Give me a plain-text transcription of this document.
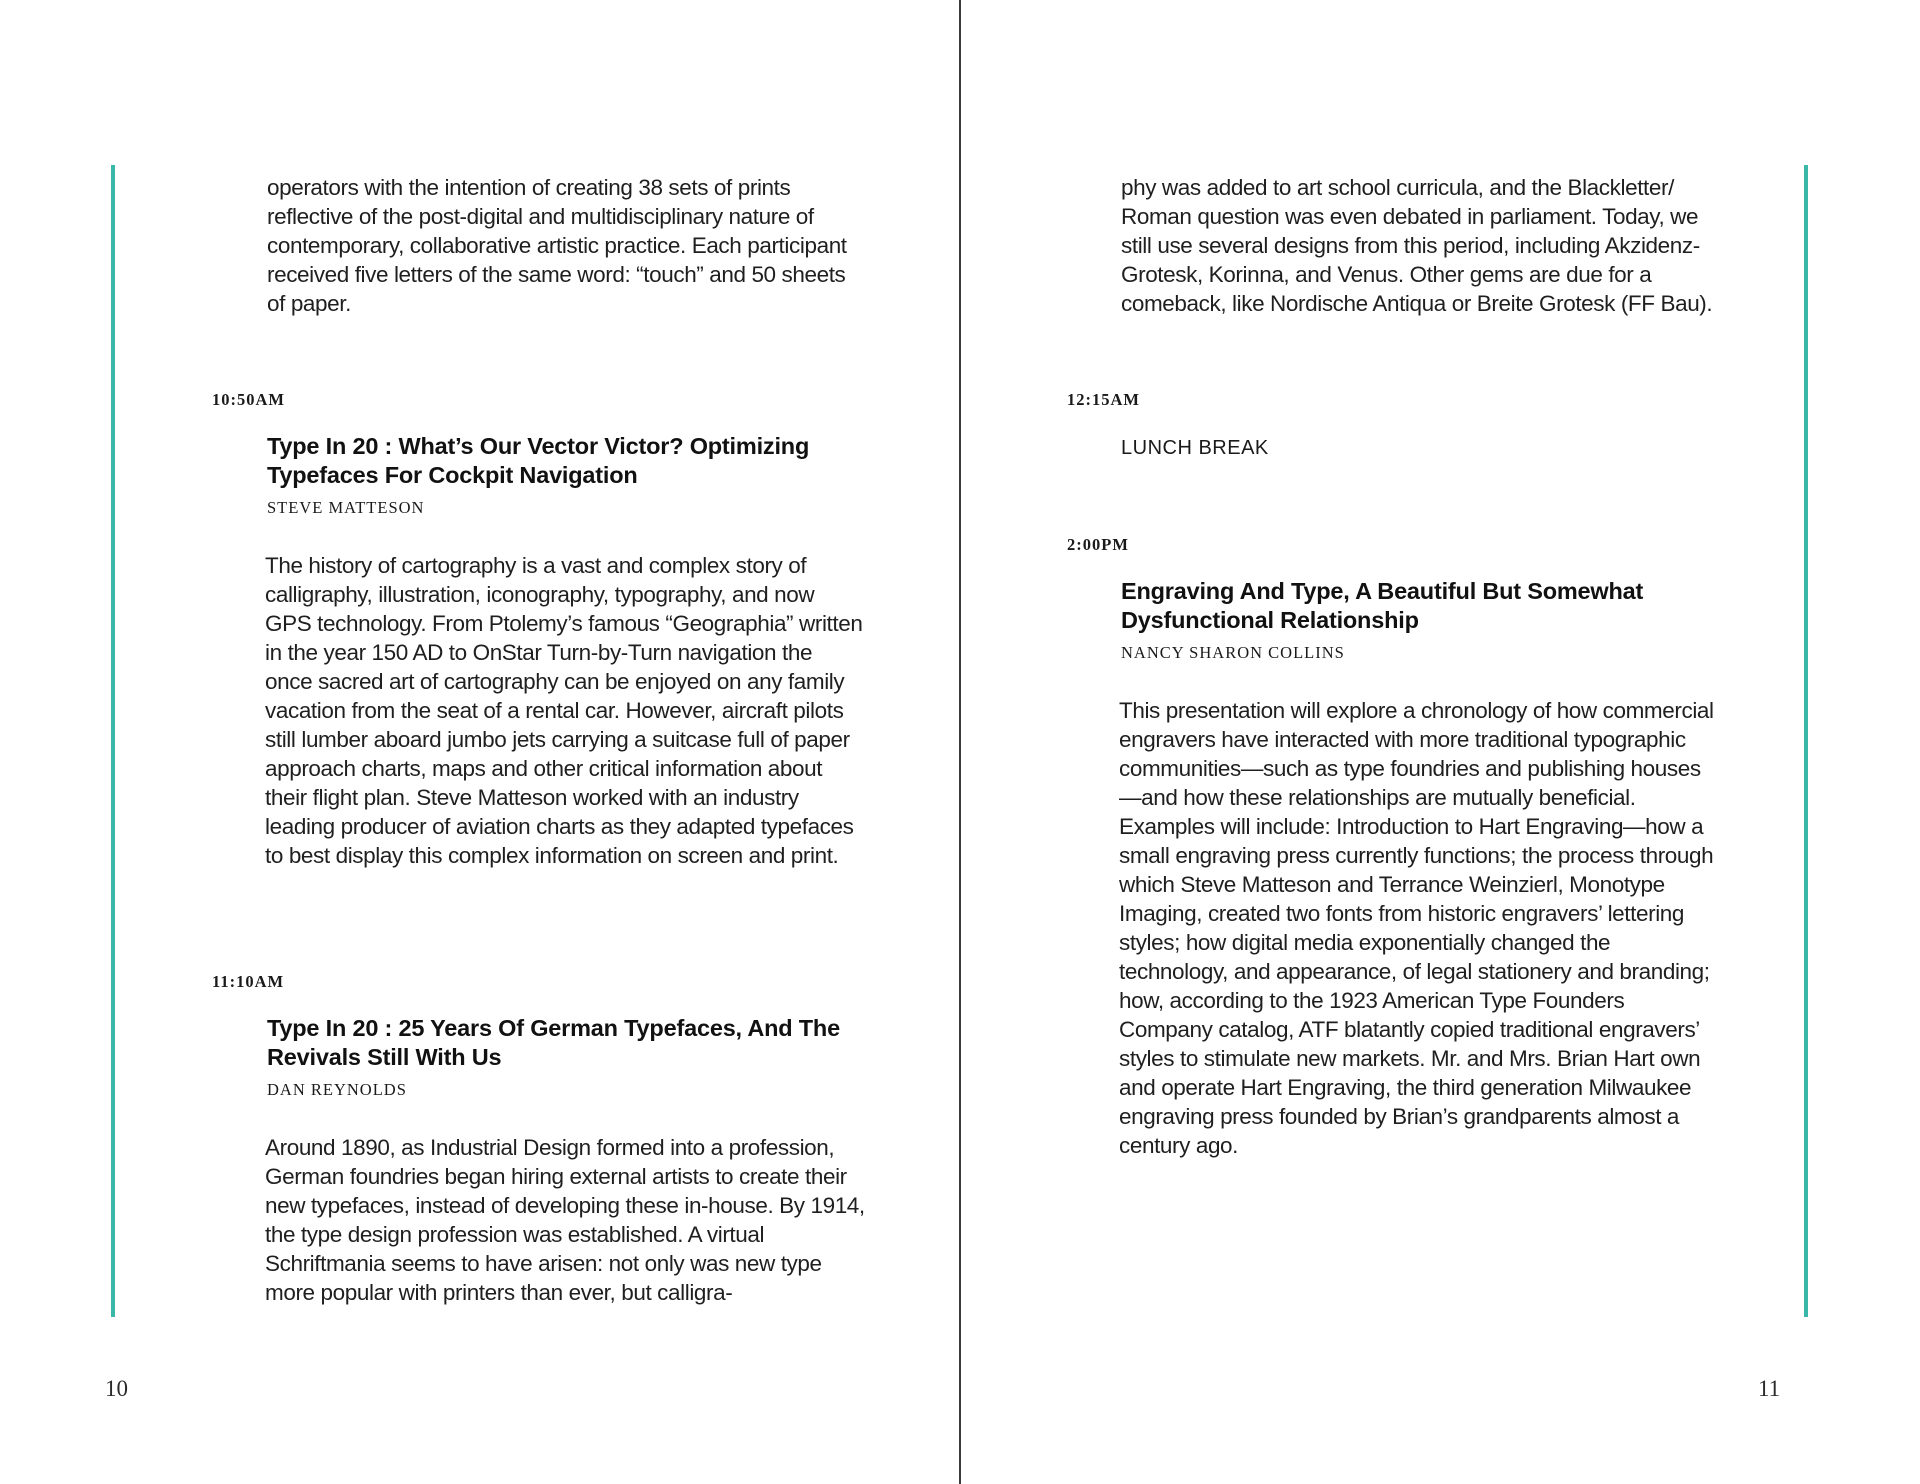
operators with the intention of creating 38 sets of prints reflective of the post-digital and multidisciplinary nature of contemporary, collaborative artistic practice. Each participant received five letters of the same word: “touch” and 50 sheets of paper.
10:50AM
Type In 20 : What’s Our Vector Victor? Optimizing Typefaces For Cockpit Navigation
STEVE MATTESON
The history of cartography is a vast and complex story of calligraphy, illustration, iconography, typography, and now GPS technology. From Ptolemy’s famous “Geographia” written in the year 150 AD to OnStar Turn-by-Turn navigation the once sacred art of cartography can be enjoyed on any family vacation from the seat of a rental car. However, aircraft pilots still lumber aboard jumbo jets carrying a suitcase full of paper approach charts, maps and other critical information about their flight plan. Steve Matteson worked with an industry leading producer of aviation charts as they adapted typefaces to best display this complex information on screen and print.
11:10AM
Type In 20 : 25 Years Of German Typefaces, And The Revivals Still With Us
DAN REYNOLDS
Around 1890, as Industrial Design formed into a profession, German foundries began hiring external artists to create their new typefaces, instead of developing these in-house. By 1914, the type design profession was established. A virtual Schriftmania seems to have arisen: not only was new type more popular with printers than ever, but calligra-
10
phy was added to art school curricula, and the Blackletter/ Roman question was even debated in parliament. Today, we still use several designs from this period, including Akzidenz-Grotesk, Korinna, and Venus. Other gems are due for a comeback, like Nordische Antiqua or Breite Grotesk (FF Bau).
12:15AM
LUNCH BREAK
2:00PM
Engraving And Type, A Beautiful But Somewhat Dysfunctional Relationship
NANCY SHARON COLLINS
This presentation will explore a chronology of how commercial engravers have interacted with more traditional typographic communities—such as type foundries and publishing houses—and how these relationships are mutually beneficial. Examples will include: Introduction to Hart Engraving—how a small engraving press currently functions; the process through which Steve Matteson and Terrance Weinzierl, Monotype Imaging, created two fonts from historic engravers’ lettering styles; how digital media exponentially changed the technology, and appearance, of legal stationery and branding; how, according to the 1923 American Type Founders Company catalog, ATF blatantly copied traditional engravers’ styles to stimulate new markets. Mr. and Mrs. Brian Hart own and operate Hart Engraving, the third generation Milwaukee engraving press founded by Brian’s grandparents almost a century ago.
11
